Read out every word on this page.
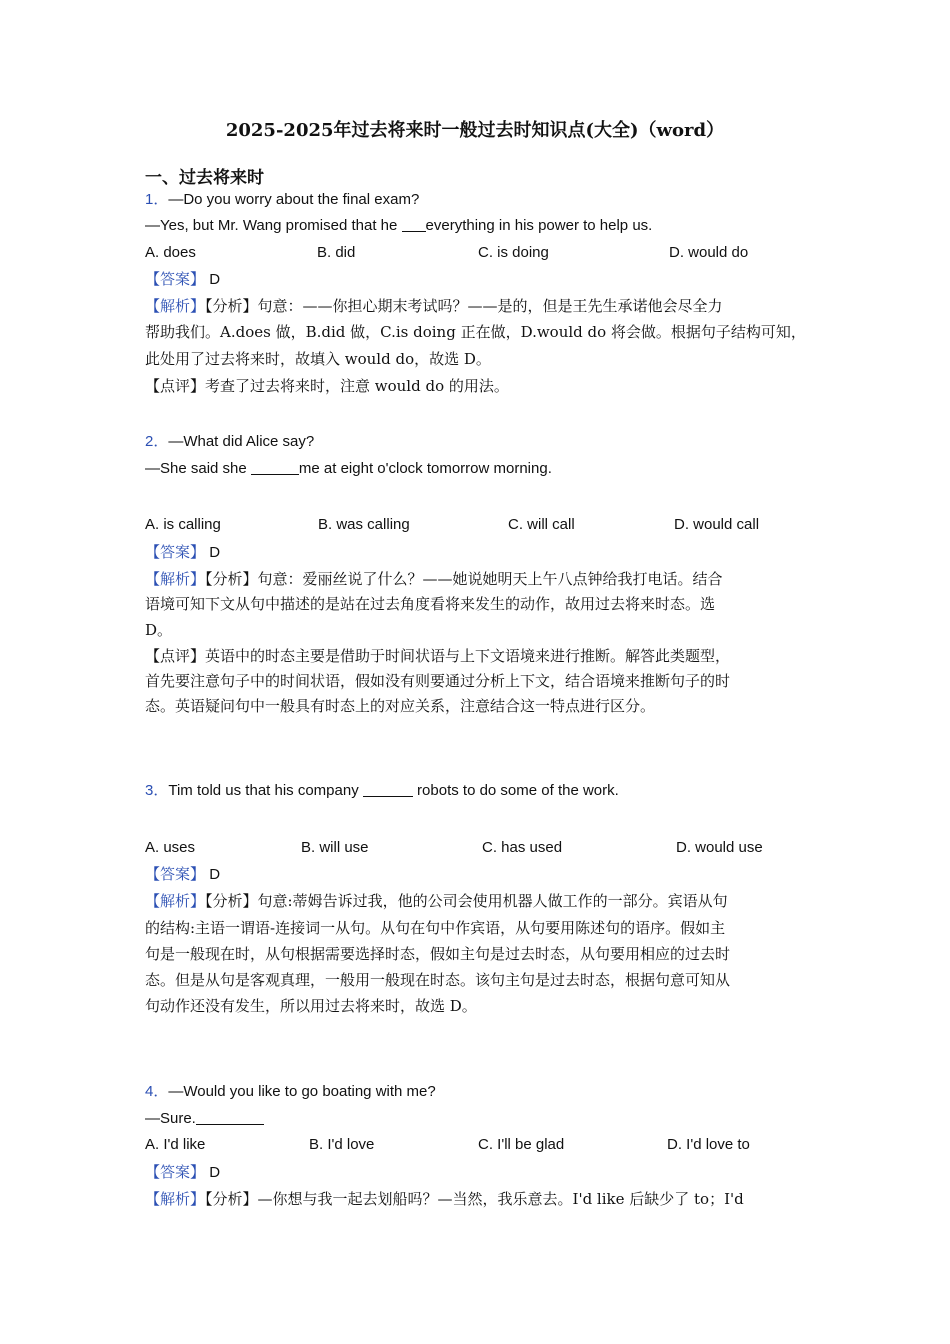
2025-2025年过去将来时一般过去时知识点(大全)（word）
一、过去将来时
1．—Do you worry about the final exam?
—Yes, but Mr. Wang promised that he everything in his power to help us.
A. does	B. did	C. is doing	D. would do
【答案】 D
【解析】【分析】句意：——你担心期末考试吗？——是的，但是王先生承诺他会尽全力
帮助我们。A.does 做，B.did 做，C.is doing 正在做，D.would do 将会做。根据句子结构可知，
此处用了过去将来时，故填入 would do，故选 D。
【点评】考查了过去将来时，注意 would do 的用法。
2．—What did Alice say?
—She said she	me at eight o'clock tomorrow morning.
A. is calling	B. was calling	C. will call	D. would call
【答案】 D
【解析】【分析】句意：爱丽丝说了什么？——她说她明天上午八点钟给我打电话。结合
语境可知下文从句中描述的是站在过去角度看将来发生的动作，故用过去将来时态。选
D。
【点评】英语中的时态主要是借助于时间状语与上下文语境来进行推断。解答此类题型，
首先要注意句子中的时间状语，假如没有则要通过分析上下文，结合语境来推断句子的时
态。英语疑问句中一般具有时态上的对应关系，注意结合这一特点进行区分。
3．Tim told us that his company	robots to do some of the work.
A. uses	B. will use	C. has used	D. would use
【答案】 D
【解析】【分析】句意:蒂姆告诉过我，他的公司会使用机器人做工作的一部分。宾语从句
的结构:主语一谓语-连接词一从句。从句在句中作宾语，从句要用陈述句的语序。假如主
句是一般现在时，从句根据需要选择时态，假如主句是过去时态，从句要用相应的过去时
态。但是从句是客观真理，一般用一般现在时态。该句主句是过去时态，根据句意可知从
句动作还没有发生，所以用过去将来时，故选 D。
4．—Would you like to go boating with me?
—Sure.
A. I'd like	B. I'd love	C. I'll be glad	D. I'd love to
【答案】 D
【解析】【分析】—你想与我一起去划船吗？—当然，我乐意去。I'd like 后缺少了 to；I'd
